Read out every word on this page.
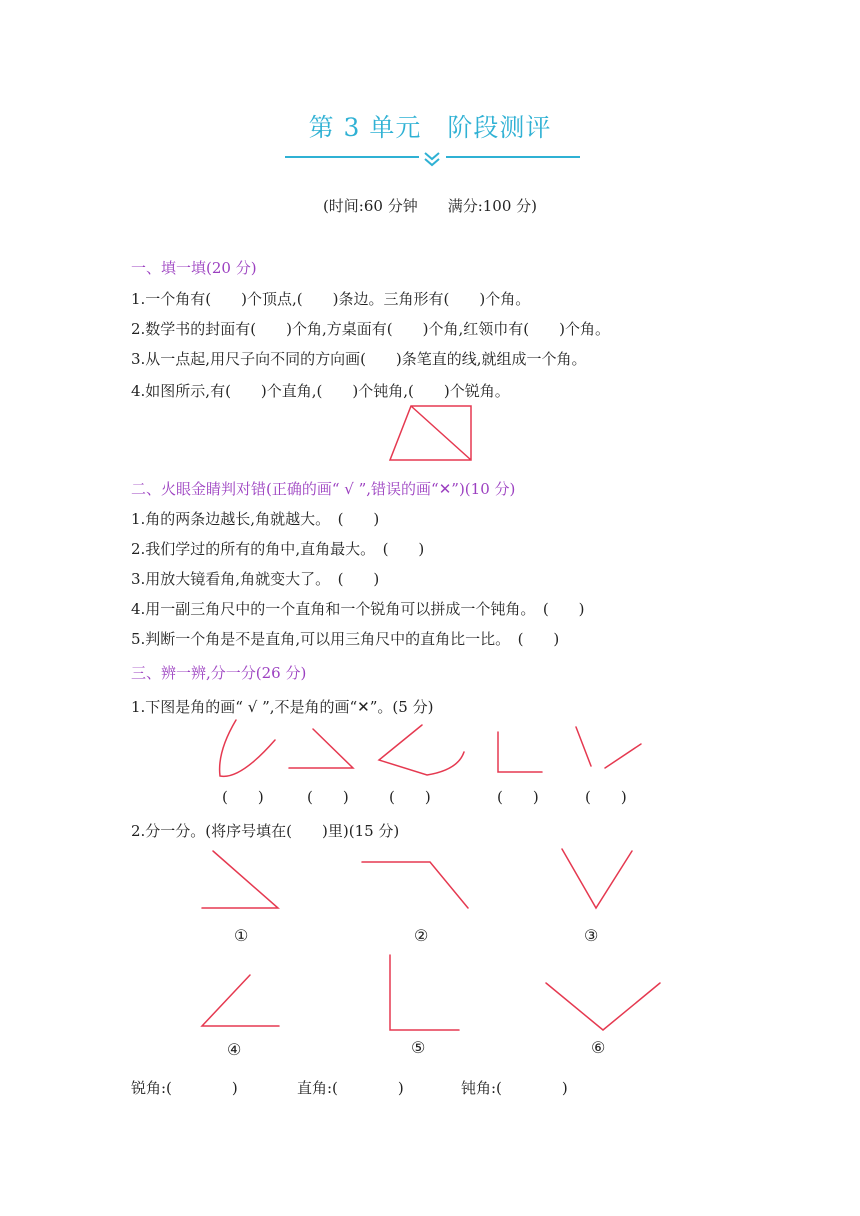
第 3 单元　阶段测评
(时间:60 分钟　　满分:100 分)
一、填一填(20 分)
1.一个角有(　　)个顶点,(　　)条边。三角形有(　　)个角。
2.数学书的封面有(　　)个角,方桌面有(　　)个角,红领巾有(　　)个角。
3.从一点起,用尺子向不同的方向画(　　)条笔直的线,就组成一个角。
4.如图所示,有(　　)个直角,(　　)个钝角,(　　)个锐角。
二、火眼金睛判对错(正确的画“ √ ”,错误的画“✕”)(10 分)
1.角的两条边越长,角就越大。　(　　)
2.我们学过的所有的角中,直角最大。　(　　)
3.用放大镜看角,角就变大了。　(　　)
4.用一副三角尺中的一个直角和一个锐角可以拼成一个钝角。　(　　)
5.判断一个角是不是直角,可以用三角尺中的直角比一比。　(　　)
三、辨一辨,分一分(26 分)
1.下图是角的画“ √ ”,不是角的画“✕”。(5 分)
(　　)	(　　)	(　　)	(　　)	(　　)
2.分一分。(将序号填在(　　)里)(15 分)
①	②	③
④	⑤	⑥
锐角:(　　　　)	直角:(　　　　)	钝角:(　　　　)
